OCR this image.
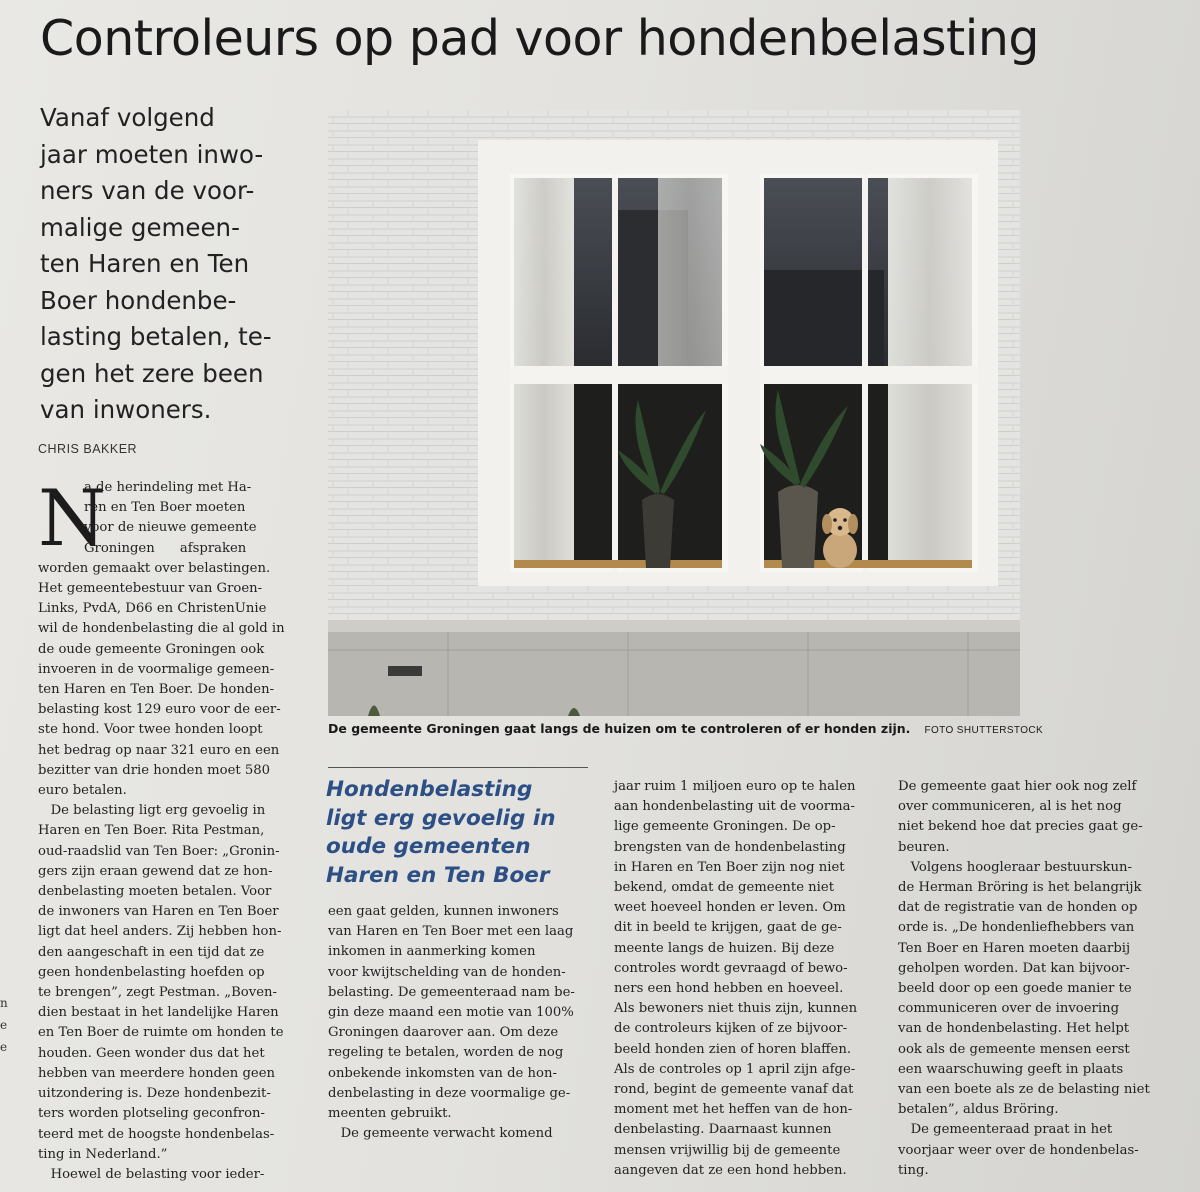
Controleurs op pad voor hondenbelasting
Vanaf volgend
jaar moeten inwo-
ners van de voor-
malige gemeen-
ten Haren en Ten
Boer hondenbe-
lasting betalen, te-
gen het zere been
van inwoners.
CHRIS BAKKER
N
a de herindeling met Ha-
ren en Ten Boer moeten
voor de nieuwe gemeente
Groningen      afspraken
worden gemaakt over belastingen.
Het gemeentebestuur van Groen-
Links, PvdA, D66 en ChristenUnie
wil de hondenbelasting die al gold in
de oude gemeente Groningen ook
invoeren in de voormalige gemeen-
ten Haren en Ten Boer. De honden-
belasting kost 129 euro voor de eer-
ste hond. Voor twee honden loopt
het bedrag op naar 321 euro en een
bezitter van drie honden moet 580
euro betalen.
De belasting ligt erg gevoelig in
Haren en Ten Boer. Rita Pestman,
oud-raadslid van Ten Boer: „Gronin-
gers zijn eraan gewend dat ze hon-
denbelasting moeten betalen. Voor
de inwoners van Haren en Ten Boer
ligt dat heel anders. Zij hebben hon-
den aangeschaft in een tijd dat ze
geen hondenbelasting hoefden op
te brengen”, zegt Pestman. „Boven-
dien bestaat in het landelijke Haren
en Ten Boer de ruimte om honden te
houden. Geen wonder dus dat het
hebben van meerdere honden geen
uitzondering is. Deze hondenbezit-
ters worden plotseling geconfron-
teerd met de hoogste hondenbelas-
ting in Nederland.”
Hoewel de belasting voor ieder-
De gemeente Groningen gaat langs de huizen om te controleren of er honden zijn. FOTO SHUTTERSTOCK
Hondenbelasting
ligt erg gevoelig in
oude gemeenten
Haren en Ten Boer
een gaat gelden, kunnen inwoners
van Haren en Ten Boer met een laag
inkomen in aanmerking komen
voor kwijtschelding van de honden-
belasting. De gemeenteraad nam be-
gin deze maand een motie van 100%
Groningen daarover aan. Om deze
regeling te betalen, worden de nog
onbekende inkomsten van de hon-
denbelasting in deze voormalige ge-
meenten gebruikt.
De gemeente verwacht komend
jaar ruim 1 miljoen euro op te halen
aan hondenbelasting uit de voorma-
lige gemeente Groningen. De op-
brengsten van de hondenbelasting
in Haren en Ten Boer zijn nog niet
bekend, omdat de gemeente niet
weet hoeveel honden er leven. Om
dit in beeld te krijgen, gaat de ge-
meente langs de huizen. Bij deze
controles wordt gevraagd of bewo-
ners een hond hebben en hoeveel.
Als bewoners niet thuis zijn, kunnen
de controleurs kijken of ze bijvoor-
beeld honden zien of horen blaffen.
Als de controles op 1 april zijn afge-
rond, begint de gemeente vanaf dat
moment met het heffen van de hon-
denbelasting. Daarnaast kunnen
mensen vrijwillig bij de gemeente
aangeven dat ze een hond hebben.
De gemeente gaat hier ook nog zelf
over communiceren, al is het nog
niet bekend hoe dat precies gaat ge-
beuren.
Volgens hoogleraar bestuurskun-
de Herman Bröring is het belangrijk
dat de registratie van de honden op
orde is. „De hondenliefhebbers van
Ten Boer en Haren moeten daarbij
geholpen worden. Dat kan bijvoor-
beeld door op een goede manier te
communiceren over de invoering
van de hondenbelasting. Het helpt
ook als de gemeente mensen eerst
een waarschuwing geeft in plaats
van een boete als ze de belasting niet
betalen”, aldus Bröring.
De gemeenteraad praat in het
voorjaar weer over de hondenbelas-
ting.
n
e
e
